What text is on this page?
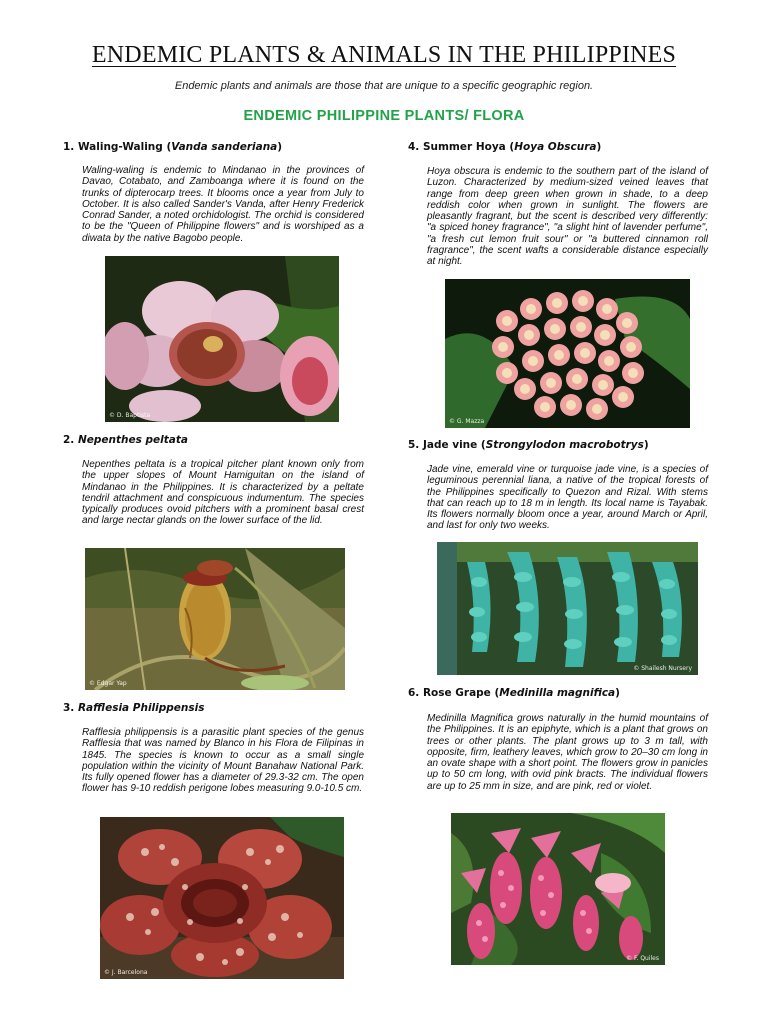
ENDEMIC PLANTS & ANIMALS IN THE PHILIPPINES
Endemic plants and animals are those that are unique to a specific geographic region.
ENDEMIC PHILIPPINE PLANTS/ FLORA
1. Waling-Waling (Vanda sanderiana)

Waling-waling is endemic to Mindanao in the provinces of Davao, Cotabato, and Zamboanga where it is found on the trunks of dipterocarp trees. It blooms once a year from July to October. It is also called Sander's Vanda, after Henry Frederick Conrad Sander, a noted orchidologist. The orchid is considered to be the "Queen of Philippine flowers" and is worshiped as a diwata by the native Bagobo people.

© D. Baptista
2. Nepenthes peltata

Nepenthes peltata is a tropical pitcher plant known only from the upper slopes of Mount Hamiguitan on the island of Mindanao in the Philippines. It is characterized by a peltate tendril attachment and conspicuous indumentum. The species typically produces ovoid pitchers with a prominent basal crest and large nectar glands on the lower surface of the lid.

© Edgar Yap
3. Rafflesia Philippensis

Rafflesia philippensis is a parasitic plant species of the genus Rafflesia that was named by Blanco in his Flora de Filipinas in 1845. The species is known to occur as a small single population within the vicinity of Mount Banahaw National Park. Its fully opened flower has a diameter of 29.3-32 cm. The open flower has 9-10 reddish perigone lobes measuring 9.0-10.5 cm.

© J. Barcelona
4. Summer Hoya (Hoya Obscura)

Hoya obscura is endemic to the southern part of the island of Luzon. Characterized by medium-sized veined leaves that range from deep green when grown in shade, to a deep reddish color when grown in sunlight. The flowers are pleasantly fragrant, but the scent is described very differently: "a spiced honey fragrance", "a slight hint of lavender perfume", "a fresh cut lemon fruit sour" or "a buttered cinnamon roll fragrance", the scent wafts a considerable distance especially at night.

© G. Mazza
5. Jade vine (Strongylodon macrobotrys)

Jade vine, emerald vine or turquoise jade vine, is a species of leguminous perennial liana, a native of the tropical forests of the Philippines specifically to Quezon and Rizal. With stems that can reach up to 18 m in length. Its local name is Tayabak. Its flowers normally bloom once a year, around March or April, and last for only two weeks.

© Shailesh Nursery
6. Rose Grape (Medinilla magnifica)

Medinilla Magnifica grows naturally in the humid mountains of the Philippines. It is an epiphyte, which is a plant that grows on trees or other plants. The plant grows up to 3 m tall, with opposite, firm, leathery leaves, which grow to 20–30 cm long in an ovate shape with a short point. The flowers grow in panicles up to 50 cm long, with ovid pink bracts. The individual flowers are up to 25 mm in size, and are pink, red or violet.

© F. Quiles
